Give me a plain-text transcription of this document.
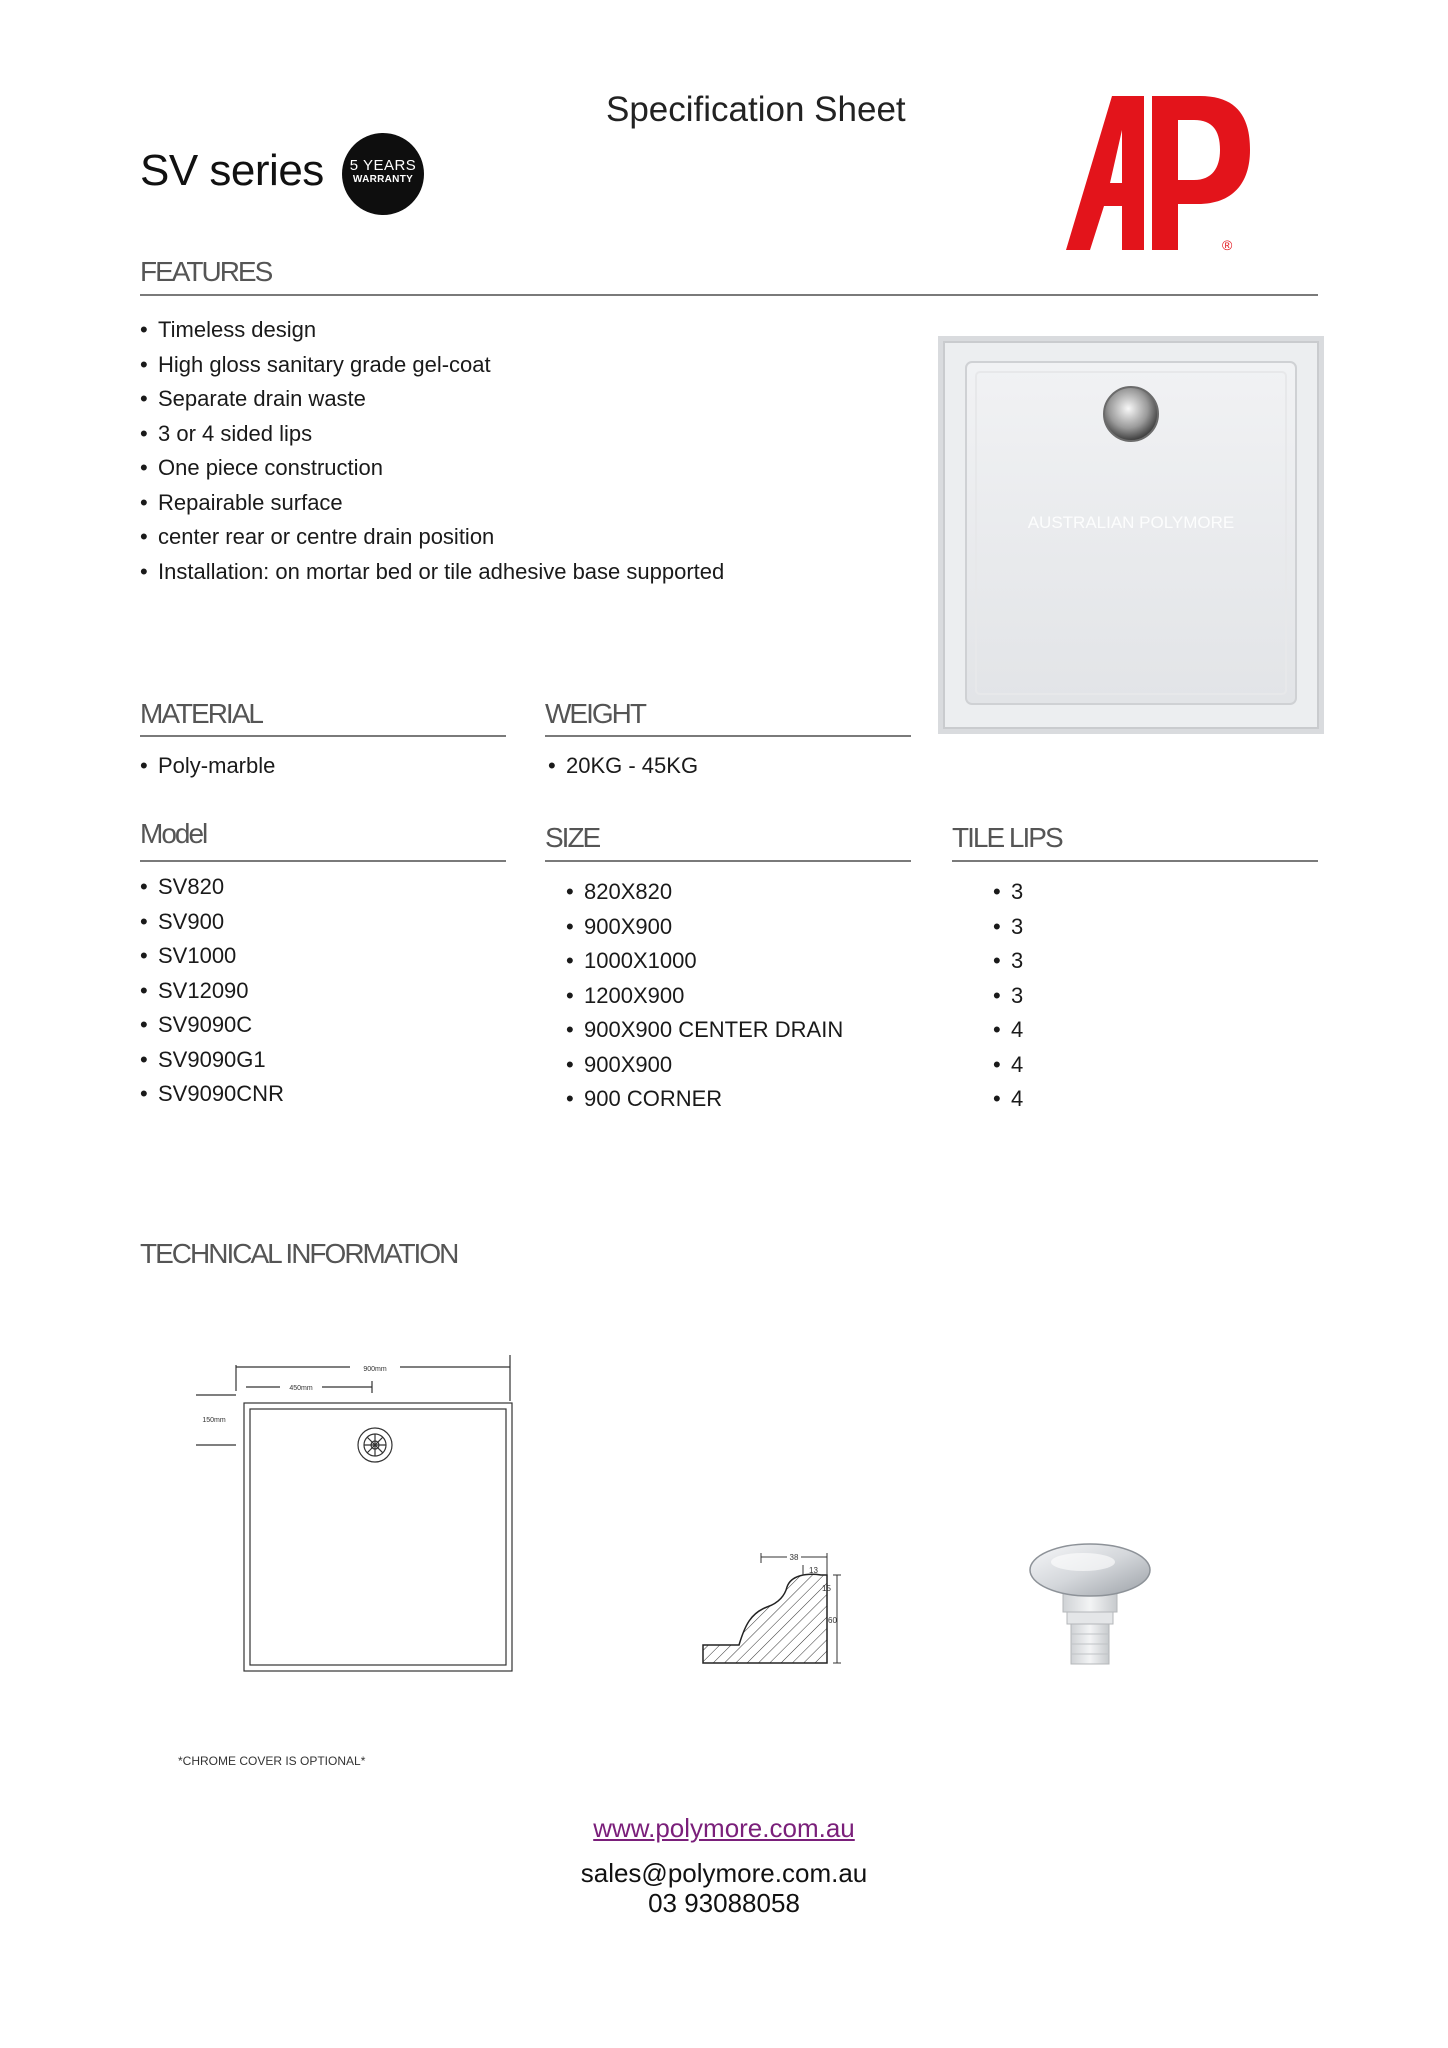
Specification Sheet
SV series	5 YEARS
WARRANTY
®
FEATURES
• Timeless design
• High gloss sanitary grade gel-coat
• Separate drain waste
• 3 or 4 sided lips
• One piece construction
• Repairable surface
• center rear or centre drain position
• Installation: on mortar bed or tile adhesive base supported
AUSTRALIAN POLYMORE
MATERIAL
• Poly-marble
WEIGHT
• 20KG - 45KG
Model
• SV820
• SV900
• SV1000
• SV12090
• SV9090C
• SV9090G1
• SV9090CNR
SIZE
• 820X820
• 900X900
• 1000X1000
• 1200X900
• 900X900 CENTER DRAIN
• 900X900
• 900 CORNER
TILE LIPS
• 3
• 3
• 3
• 3
• 4
• 4
• 4
TECHNICAL INFORMATION
900mm
450mm
150mm
38
13
15
60
*CHROME COVER IS OPTIONAL*
www.polymore.com.au
sales@polymore.com.au
03 93088058
